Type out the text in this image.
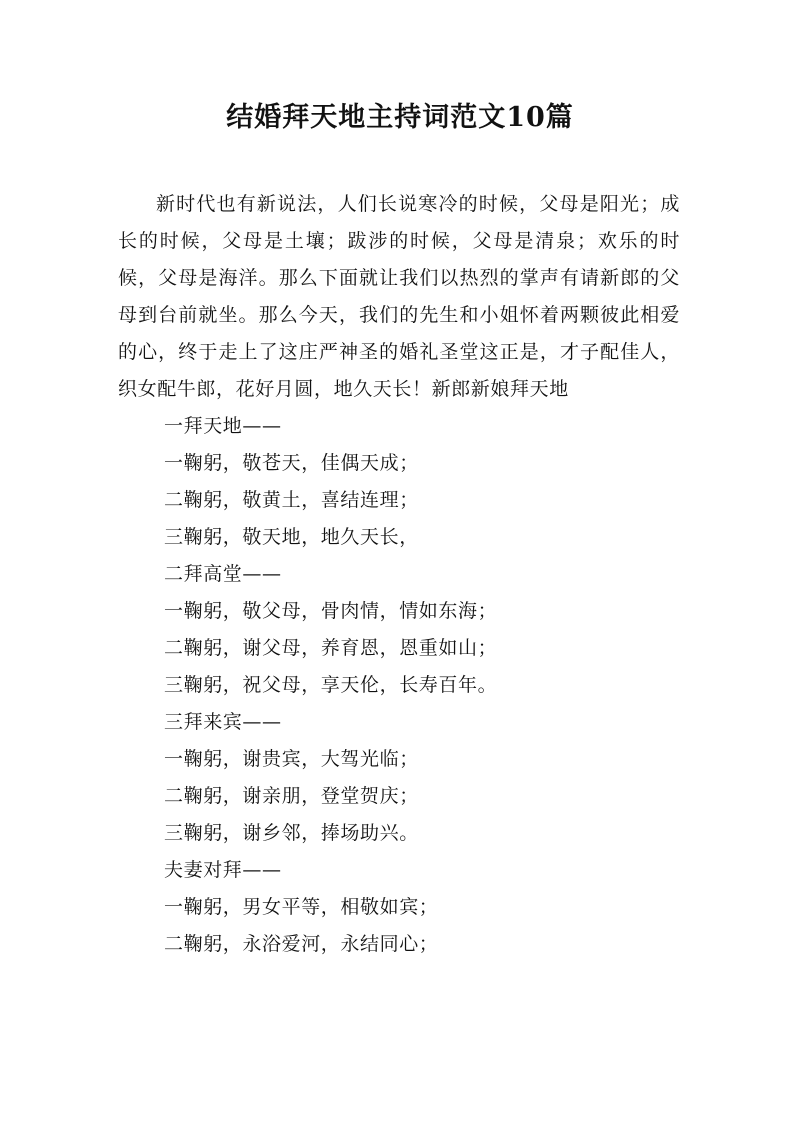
结婚拜天地主持词范文10篇

新时代也有新说法，人们长说寒冷的时候，父母是阳光；成长的时候，父母是土壤；跋涉的时候，父母是清泉；欢乐的时候，父母是海洋。那么下面就让我们以热烈的掌声有请新郎的父母到台前就坐。那么今天，我们的先生和小姐怀着两颗彼此相爱的心，终于走上了这庄严神圣的婚礼圣堂这正是，才子配佳人，织女配牛郎，花好月圆，地久天长！新郎新娘拜天地

一拜天地——

一鞠躬，敬苍天，佳偶天成；

二鞠躬，敬黄土，喜结连理；

三鞠躬，敬天地，地久天长，

二拜高堂——

一鞠躬，敬父母，骨肉情，情如东海；

二鞠躬，谢父母，养育恩，恩重如山；

三鞠躬，祝父母，享天伦，长寿百年。

三拜来宾——

一鞠躬，谢贵宾，大驾光临；

二鞠躬，谢亲朋，登堂贺庆；

三鞠躬，谢乡邻，捧场助兴。

夫妻对拜——

一鞠躬，男女平等，相敬如宾；

二鞠躬，永浴爱河，永结同心；
